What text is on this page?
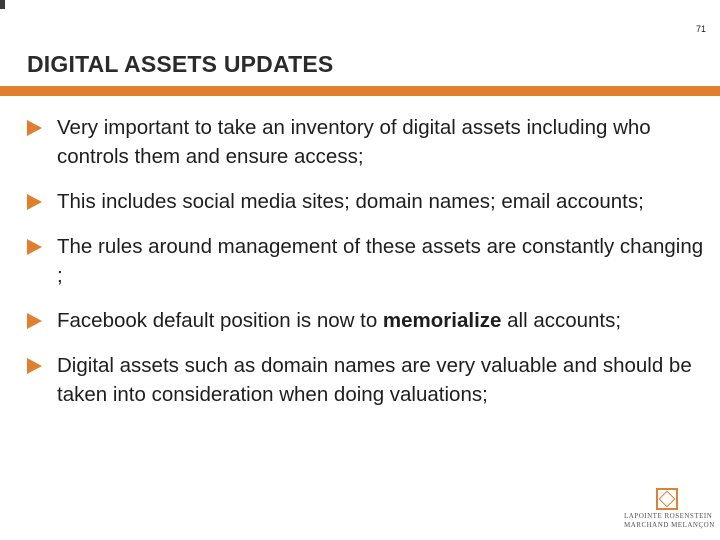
71
DIGITAL ASSETS UPDATES
Very important to take an inventory of digital assets including who controls them and ensure access;
This includes social media sites; domain names; email accounts;
The rules around management of these assets are constantly changing ;
Facebook default position is now to memorialize all accounts;
Digital assets such as domain names are very valuable and should be taken into consideration when doing valuations;
LAPOINTE ROSENSTEIN
MARCHAND MELANÇON
